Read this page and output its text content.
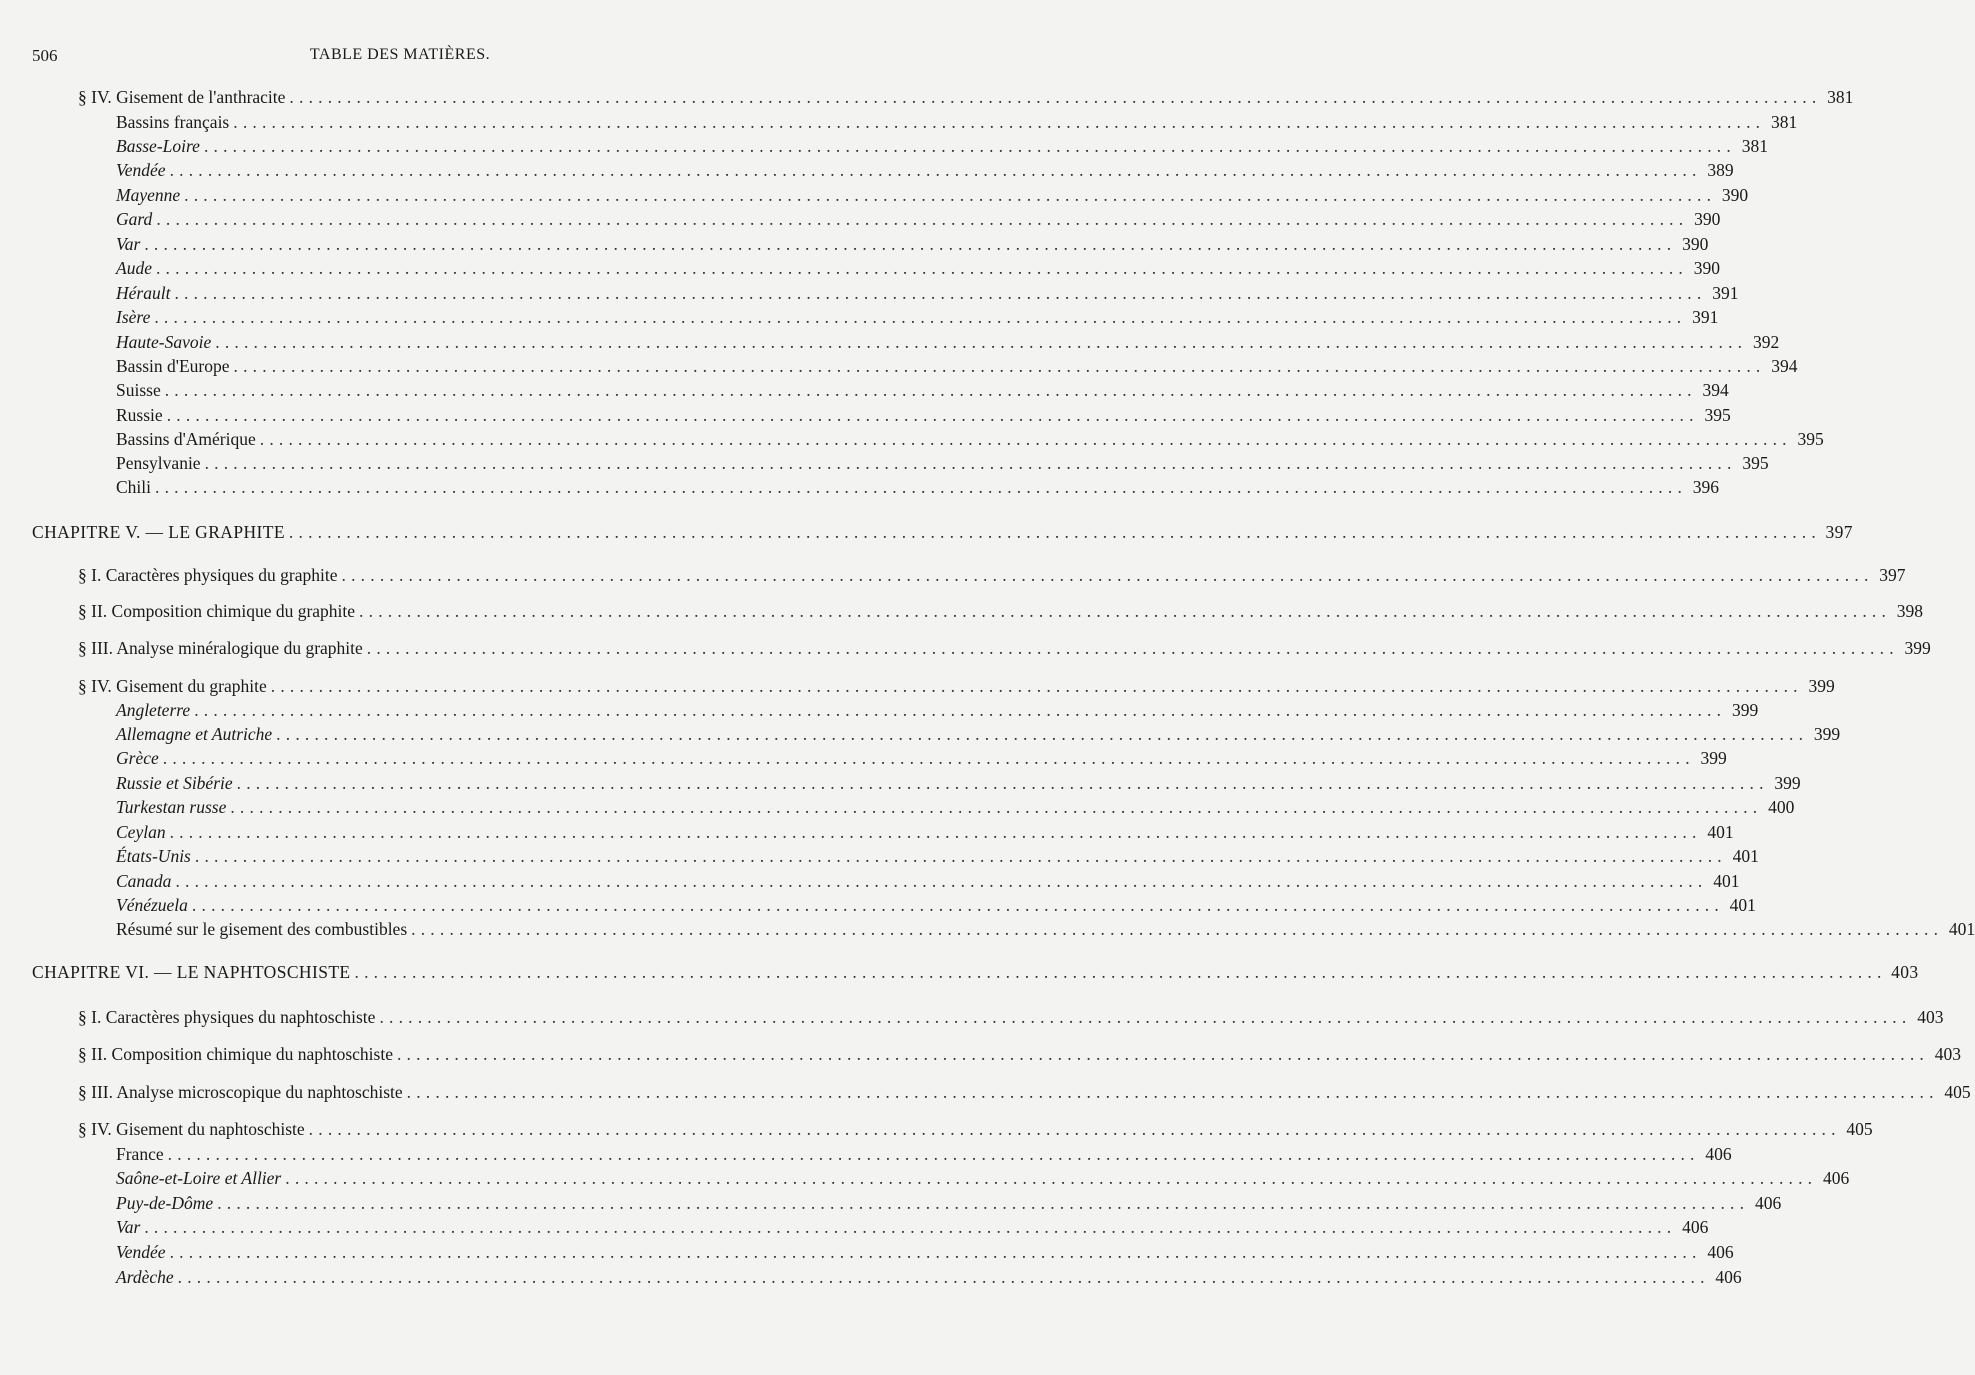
506	TABLE DES MATIÈRES.
§ IV. Gisement de l'anthracite ................................................................................................................................................................ 381
Bassins français ................................................................................................................................................................ 381
Basse-Loire ................................................................................................................................................................ 381
Vendée ................................................................................................................................................................ 389
Mayenne ................................................................................................................................................................ 390
Gard ................................................................................................................................................................ 390
Var ................................................................................................................................................................ 390
Aude ................................................................................................................................................................ 390
Hérault ................................................................................................................................................................ 391
Isère ................................................................................................................................................................ 391
Haute-Savoie ................................................................................................................................................................ 392
Bassin d'Europe ................................................................................................................................................................ 394
Suisse ................................................................................................................................................................ 394
Russie ................................................................................................................................................................ 395
Bassins d'Amérique ................................................................................................................................................................ 395
Pensylvanie ................................................................................................................................................................ 395
Chili ................................................................................................................................................................ 396
CHAPITRE V. — LE GRAPHITE ................................................................................................................................................................ 397
§ I. Caractères physiques du graphite ................................................................................................................................................................ 397
§ II. Composition chimique du graphite ................................................................................................................................................................ 398
§ III. Analyse minéralogique du graphite ................................................................................................................................................................ 399
§ IV. Gisement du graphite ................................................................................................................................................................ 399
Angleterre ................................................................................................................................................................ 399
Allemagne et Autriche ................................................................................................................................................................ 399
Grèce ................................................................................................................................................................ 399
Russie et Sibérie ................................................................................................................................................................ 399
Turkestan russe ................................................................................................................................................................ 400
Ceylan ................................................................................................................................................................ 401
États-Unis ................................................................................................................................................................ 401
Canada ................................................................................................................................................................ 401
Vénézuela ................................................................................................................................................................ 401
Résumé sur le gisement des combustibles ................................................................................................................................................................ 401
CHAPITRE VI. — LE NAPHTOSCHISTE ................................................................................................................................................................ 403
§ I. Caractères physiques du naphtoschiste ................................................................................................................................................................ 403
§ II. Composition chimique du naphtoschiste ................................................................................................................................................................ 403
§ III. Analyse microscopique du naphtoschiste ................................................................................................................................................................ 405
§ IV. Gisement du naphtoschiste ................................................................................................................................................................ 405
France ................................................................................................................................................................ 406
Saône-et-Loire et Allier ................................................................................................................................................................ 406
Puy-de-Dôme ................................................................................................................................................................ 406
Var ................................................................................................................................................................ 406
Vendée ................................................................................................................................................................ 406
Ardèche ................................................................................................................................................................ 406
